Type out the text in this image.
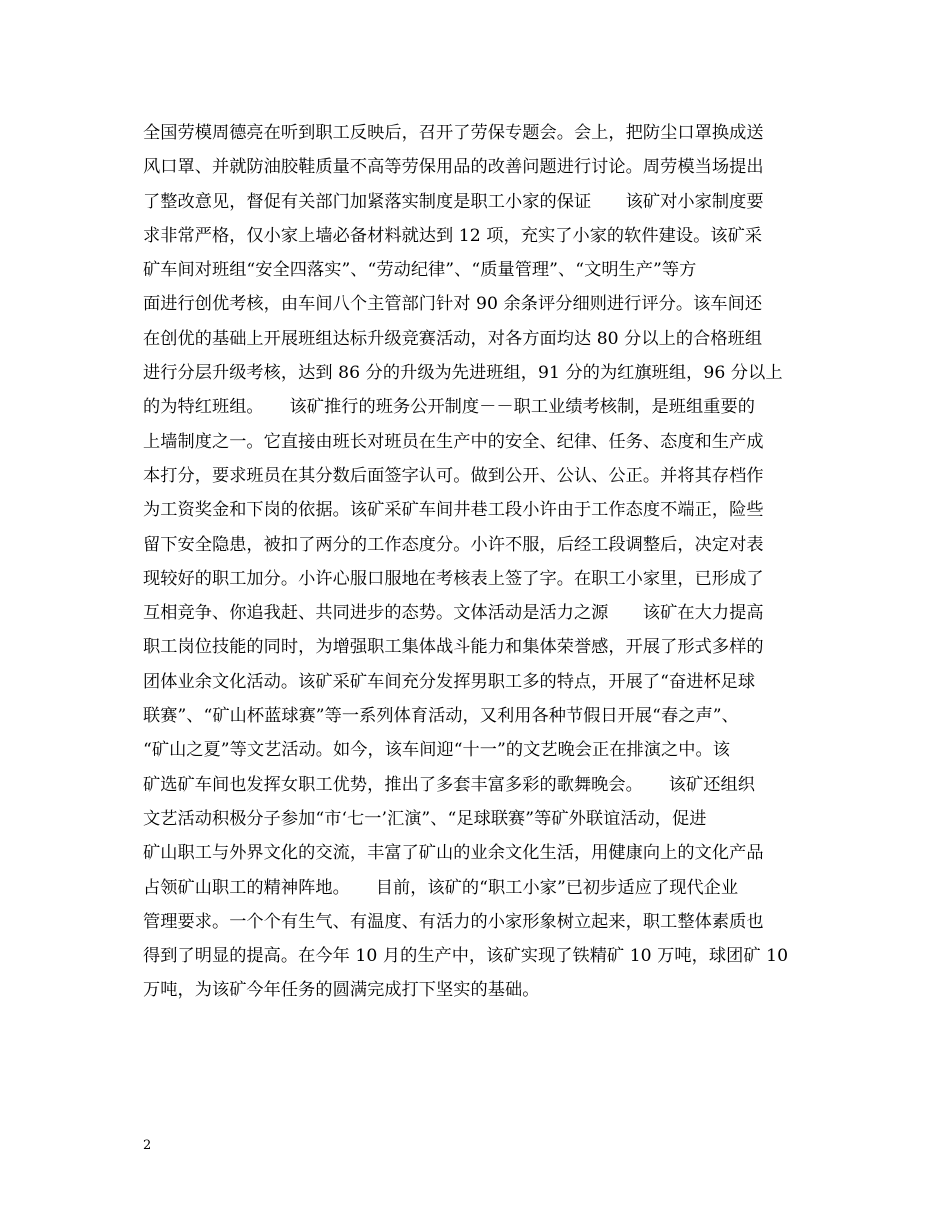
全国劳模周德亮在听到职工反映后，召开了劳保专题会。会上，把防尘口罩换成送
风口罩、并就防油胶鞋质量不高等劳保用品的改善问题进行讨论。周劳模当场提出
了整改意见，督促有关部门加紧落实制度是职工小家的保证　　该矿对小家制度要
求非常严格，仅小家上墙必备材料就达到 12 项，充实了小家的软件建设。该矿采
矿车间对班组“安全四落实”、“劳动纪律”、“质量管理”、“文明生产”等方
面进行创优考核，由车间八个主管部门针对 90 余条评分细则进行评分。该车间还
在创优的基础上开展班组达标升级竞赛活动，对各方面均达 80 分以上的合格班组
进行分层升级考核，达到 86 分的升级为先进班组，91 分的为红旗班组，96 分以上
的为特红班组。　　该矿推行的班务公开制度－－职工业绩考核制，是班组重要的
上墙制度之一。它直接由班长对班员在生产中的安全、纪律、任务、态度和生产成
本打分，要求班员在其分数后面签字认可。做到公开、公认、公正。并将其存档作
为工资奖金和下岗的依据。该矿采矿车间井巷工段小许由于工作态度不端正，险些
留下安全隐患，被扣了两分的工作态度分。小许不服，后经工段调整后，决定对表
现较好的职工加分。小许心服口服地在考核表上签了字。在职工小家里，已形成了
互相竞争、你追我赶、共同进步的态势。文体活动是活力之源　　该矿在大力提高
职工岗位技能的同时，为增强职工集体战斗能力和集体荣誉感，开展了形式多样的
团体业余文化活动。该矿采矿车间充分发挥男职工多的特点，开展了“奋进杯足球
联赛”、“矿山杯蓝球赛”等一系列体育活动，又利用各种节假日开展“春之声”、
“矿山之夏”等文艺活动。如今，该车间迎“十一”的文艺晚会正在排演之中。该
矿选矿车间也发挥女职工优势，推出了多套丰富多彩的歌舞晚会。　　该矿还组织
文艺活动积极分子参加“市‘七一’汇演”、“足球联赛”等矿外联谊活动，促进
矿山职工与外界文化的交流，丰富了矿山的业余文化生活，用健康向上的文化产品
占领矿山职工的精神阵地。　　目前，该矿的“职工小家”已初步适应了现代企业
管理要求。一个个有生气、有温度、有活力的小家形象树立起来，职工整体素质也
得到了明显的提高。在今年 10 月的生产中，该矿实现了铁精矿 10 万吨，球团矿 10
万吨，为该矿今年任务的圆满完成打下坚实的基础。
2
